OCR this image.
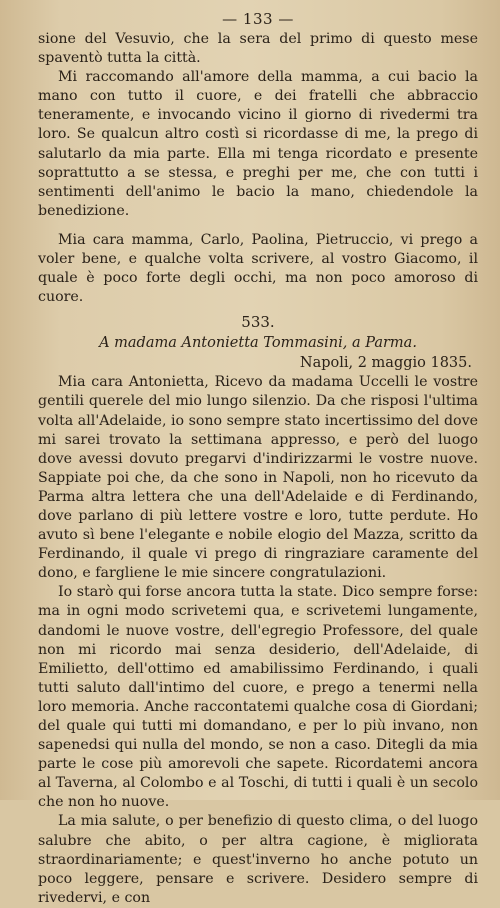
— 133 —

sione del Vesuvio, che la sera del primo di questo mese spaventò tutta la città.

Mi raccomando all'amore della mamma, a cui bacio la mano con tutto il cuore, e dei fratelli che abbraccio teneramente, e invocando vicino il giorno di rivedermi tra loro. Se qualcun altro costì si ricordasse di me, la prego di salutarlo da mia parte. Ella mi tenga ricordato e presente soprattutto a se stessa, e preghi per me, che con tutti i sentimenti dell'animo le bacio la mano, chiedendole la benedizione.

Mia cara mamma, Carlo, Paolina, Pietruccio, vi prego a voler bene, e qualche volta scrivere, al vostro Giacomo, il quale è poco forte degli occhi, ma non poco amoroso di cuore.

533.
A madama Antonietta Tommasini, a Parma.
Napoli, 2 maggio 1835.

Mia cara Antonietta, Ricevo da madama Uccelli le vostre gentili querele del mio lungo silenzio. Da che risposi l'ultima volta all'Adelaide, io sono sempre stato incertissimo del dove mi sarei trovato la settimana appresso, e però del luogo dove avessi dovuto pregarvi d'indirizzarmi le vostre nuove. Sappiate poi che, da che sono in Napoli, non ho ricevuto da Parma altra lettera che una dell'Adelaide e di Ferdinando, dove parlano di più lettere vostre e loro, tutte perdute. Ho avuto sì bene l'elegante e nobile elogio del Mazza, scritto da Ferdinando, il quale vi prego di ringraziare caramente del dono, e fargliene le mie sincere congratulazioni.

Io starò qui forse ancora tutta la state. Dico sempre forse: ma in ogni modo scrivetemi qua, e scrivetemi lungamente, dandomi le nuove vostre, dell'egregio Professore, del quale non mi ricordo mai senza desiderio, dell'Adelaide, di Emilietto, dell'ottimo ed amabilissimo Ferdinando, i quali tutti saluto dall'intimo del cuore, e prego a tenermi nella loro memoria. Anche raccontatemi qualche cosa di Giordani; del quale qui tutti mi domandano, e per lo più invano, non sapenedsi qui nulla del mondo, se non a caso. Ditegli da mia parte le cose più amorevoli che sapete. Ricordatemi ancora al Taverna, al Colombo e al Toschi, di tutti i quali è un secolo che non ho nuove.

La mia salute, o per benefizio di questo clima, o del luogo salubre che abito, o per altra cagione, è migliorata straordinariamente; e quest'inverno ho anche potuto un poco leggere, pensare e scrivere. Desidero sempre di rivedervi, e con
